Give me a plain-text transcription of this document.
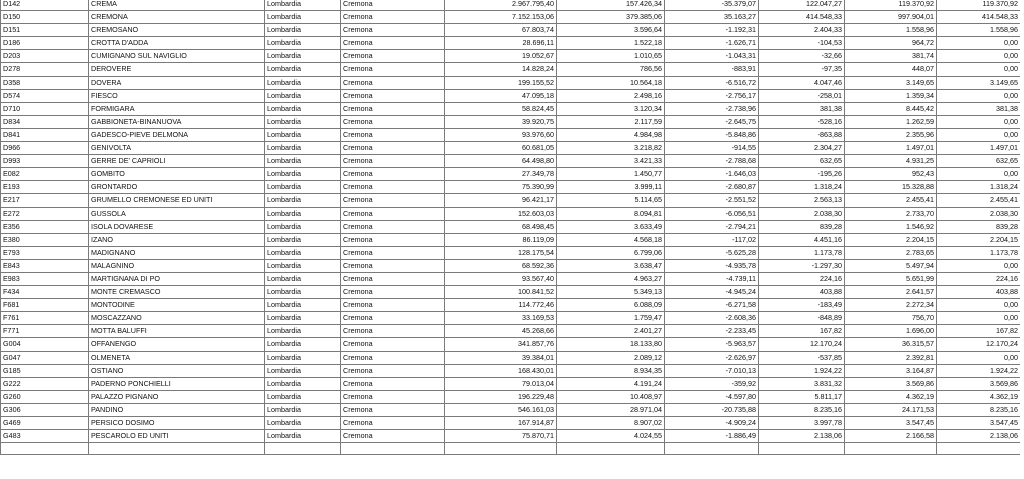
D142	CREMA	Lombardia	Cremona	2.967.795,40	157.426,34	-35.379,07	122.047,27	119.370,92	119.370,92
D150	CREMONA	Lombardia	Cremona	7.152.153,06	379.385,06	35.163,27	414.548,33	997.904,01	414.548,33
D151	CREMOSANO	Lombardia	Cremona	67.803,74	3.596,64	-1.192,31	2.404,33	1.558,96	1.558,96
D186	CROTTA D'ADDA	Lombardia	Cremona	28.696,11	1.522,18	-1.626,71	-104,53	964,72	0,00
D203	CUMIGNANO SUL NAVIGLIO	Lombardia	Cremona	19.052,67	1.010,65	-1.043,31	-32,66	381,74	0,00
D278	DEROVERE	Lombardia	Cremona	14.828,24	786,56	-883,91	-97,35	448,07	0,00
D358	DOVERA	Lombardia	Cremona	199.155,52	10.564,18	-6.516,72	4.047,46	3.149,65	3.149,65
D574	FIESCO	Lombardia	Cremona	47.095,18	2.498,16	-2.756,17	-258,01	1.359,34	0,00
D710	FORMIGARA	Lombardia	Cremona	58.824,45	3.120,34	-2.738,96	381,38	8.445,42	381,38
D834	GABBIONETA-BINANUOVA	Lombardia	Cremona	39.920,75	2.117,59	-2.645,75	-528,16	1.262,59	0,00
D841	GADESCO-PIEVE DELMONA	Lombardia	Cremona	93.976,60	4.984,98	-5.848,86	-863,88	2.355,96	0,00
D966	GENIVOLTA	Lombardia	Cremona	60.681,05	3.218,82	-914,55	2.304,27	1.497,01	1.497,01
D993	GERRE DE' CAPRIOLI	Lombardia	Cremona	64.498,80	3.421,33	-2.788,68	632,65	4.931,25	632,65
E082	GOMBITO	Lombardia	Cremona	27.349,78	1.450,77	-1.646,03	-195,26	952,43	0,00
E193	GRONTARDO	Lombardia	Cremona	75.390,99	3.999,11	-2.680,87	1.318,24	15.328,88	1.318,24
E217	GRUMELLO CREMONESE ED UNITI	Lombardia	Cremona	96.421,17	5.114,65	-2.551,52	2.563,13	2.455,41	2.455,41
E272	GUSSOLA	Lombardia	Cremona	152.603,03	8.094,81	-6.056,51	2.038,30	2.733,70	2.038,30
E356	ISOLA DOVARESE	Lombardia	Cremona	68.498,45	3.633,49	-2.794,21	839,28	1.546,92	839,28
E380	IZANO	Lombardia	Cremona	86.119,09	4.568,18	-117,02	4.451,16	2.204,15	2.204,15
E793	MADIGNANO	Lombardia	Cremona	128.175,54	6.799,06	-5.625,28	1.173,78	2.783,65	1.173,78
E843	MALAGNINO	Lombardia	Cremona	68.592,36	3.638,47	-4.935,78	-1.297,30	5.497,94	0,00
E983	MARTIGNANA DI PO	Lombardia	Cremona	93.567,40	4.963,27	-4.739,11	224,16	5.651,99	224,16
F434	MONTE CREMASCO	Lombardia	Cremona	100.841,52	5.349,13	-4.945,24	403,88	2.641,57	403,88
F681	MONTODINE	Lombardia	Cremona	114.772,46	6.088,09	-6.271,58	-183,49	2.272,34	0,00
F761	MOSCAZZANO	Lombardia	Cremona	33.169,53	1.759,47	-2.608,36	-848,89	756,70	0,00
F771	MOTTA BALUFFI	Lombardia	Cremona	45.268,66	2.401,27	-2.233,45	167,82	1.696,00	167,82
G004	OFFANENGO	Lombardia	Cremona	341.857,76	18.133,80	-5.963,57	12.170,24	36.315,57	12.170,24
G047	OLMENETA	Lombardia	Cremona	39.384,01	2.089,12	-2.626,97	-537,85	2.392,81	0,00
G185	OSTIANO	Lombardia	Cremona	168.430,01	8.934,35	-7.010,13	1.924,22	3.164,87	1.924,22
G222	PADERNO PONCHIELLI	Lombardia	Cremona	79.013,04	4.191,24	-359,92	3.831,32	3.569,86	3.569,86
G260	PALAZZO PIGNANO	Lombardia	Cremona	196.229,48	10.408,97	-4.597,80	5.811,17	4.362,19	4.362,19
G306	PANDINO	Lombardia	Cremona	546.161,03	28.971,04	-20.735,88	8.235,16	24.171,53	8.235,16
G469	PERSICO DOSIMO	Lombardia	Cremona	167.914,87	8.907,02	-4.909,24	3.997,78	3.547,45	3.547,45
G483	PESCAROLO ED UNITI	Lombardia	Cremona	75.870,71	4.024,55	-1.886,49	2.138,06	2.166,58	2.138,06
